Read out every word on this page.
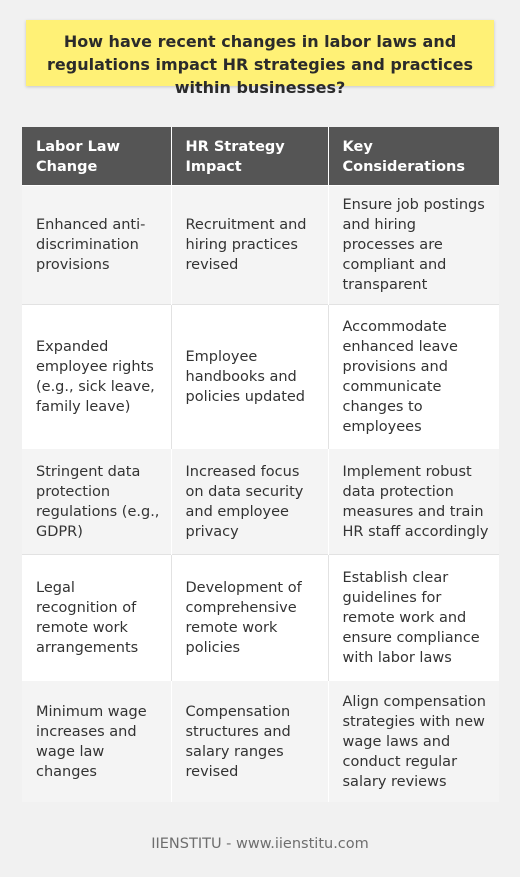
How have recent changes in labor laws and regulations impact HR strategies and practices within businesses?
Labor Law Change	HR Strategy Impact	Key Considerations
Enhanced anti-discrimination provisions	Recruitment and hiring practices revised	Ensure job postings and hiring processes are compliant and transparent
Expanded employee rights (e.g., sick leave, family leave)	Employee handbooks and policies updated	Accommodate enhanced leave provisions and communicate changes to employees
Stringent data protection regulations (e.g., GDPR)	Increased focus on data security and employee privacy	Implement robust data protection measures and train HR staff accordingly
Legal recognition of remote work arrangements	Development of comprehensive remote work policies	Establish clear guidelines for remote work and ensure compliance with labor laws
Minimum wage increases and wage law changes	Compensation structures and salary ranges revised	Align compensation strategies with new wage laws and conduct regular salary reviews
IIENSTITU - www.iienstitu.com
